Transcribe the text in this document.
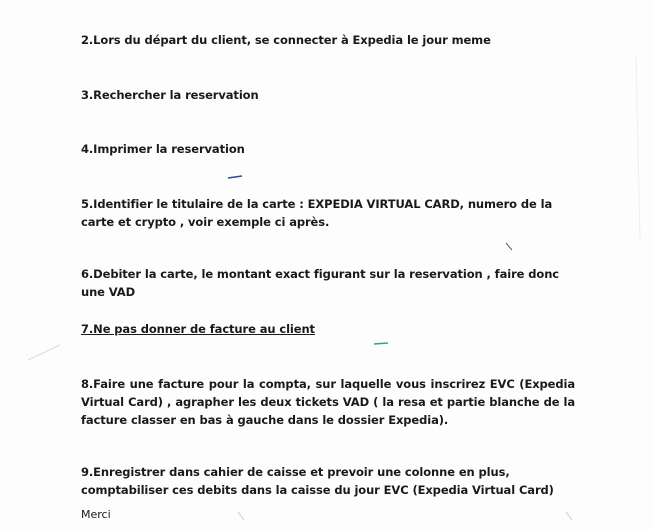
2.Lors du départ du client, se connecter à Expedia le jour meme
3.Rechercher la reservation
4.Imprimer la reservation
5.Identifier le titulaire de la carte : EXPEDIA VIRTUAL CARD, numero de la carte et crypto , voir exemple ci après.
6.Debiter la carte, le montant exact figurant sur la reservation , faire donc une VAD
7.Ne pas donner de facture au client
8.Faire une facture pour la compta, sur laquelle vous inscrirez EVC (Expedia Virtual Card) , agrapher les deux tickets VAD ( la resa et partie blanche de la facture classer en bas à gauche dans le dossier Expedia).
9.Enregistrer dans cahier de caisse et prevoir une colonne en plus, comptabiliser ces debits dans la caisse du jour EVC (Expedia Virtual Card)
Merci
